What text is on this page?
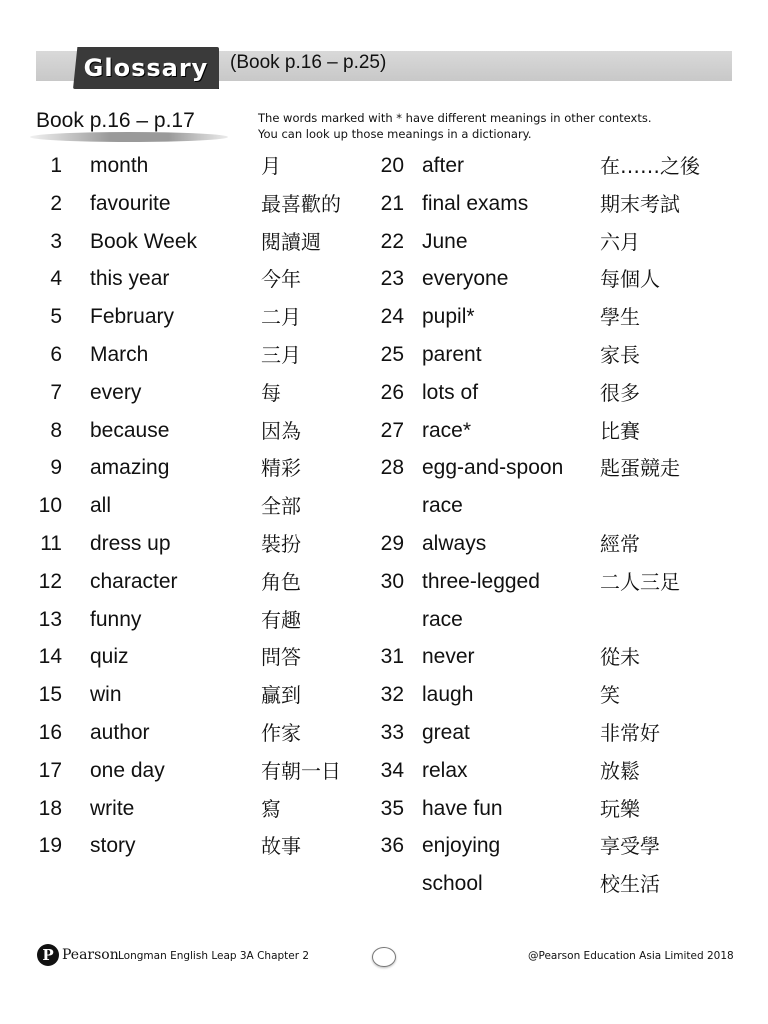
Glossary	(Book p.16 – p.25)
Book p.16 – p.17	The words marked with * have different meanings in other contexts.
You can look up those meanings in a dictionary.
1 month	月
2 favourite	最喜歡的
3 Book Week	閱讀週
4 this year	今年
5 February	二月
6 March	三月
7 every	每
8 because	因為
9 amazing	精彩
10 all	全部
11 dress up	裝扮
12 character	角色
13 funny	有趣
14 quiz	問答
15 win	贏到
16 author	作家
17 one day	有朝一日
18 write	寫
19 story	故事
20 after	在……之後
21 final exams	期末考試
22 June	六月
23 everyone	每個人
24 pupil*	學生
25 parent	家長
26 lots of	很多
27 race*	比賽
28 egg-and-spoon 匙蛋競走
race
29 always	經常
30 three-legged	二人三足
race
31 never	從未
32 laugh	笑
33 great	非常好
34 relax	放鬆
35 have fun	玩樂
36 enjoying	享受學
school	校生活
P Pearson Longman English Leap 3A Chapter 2	@Pearson Education Asia Limited 2018
